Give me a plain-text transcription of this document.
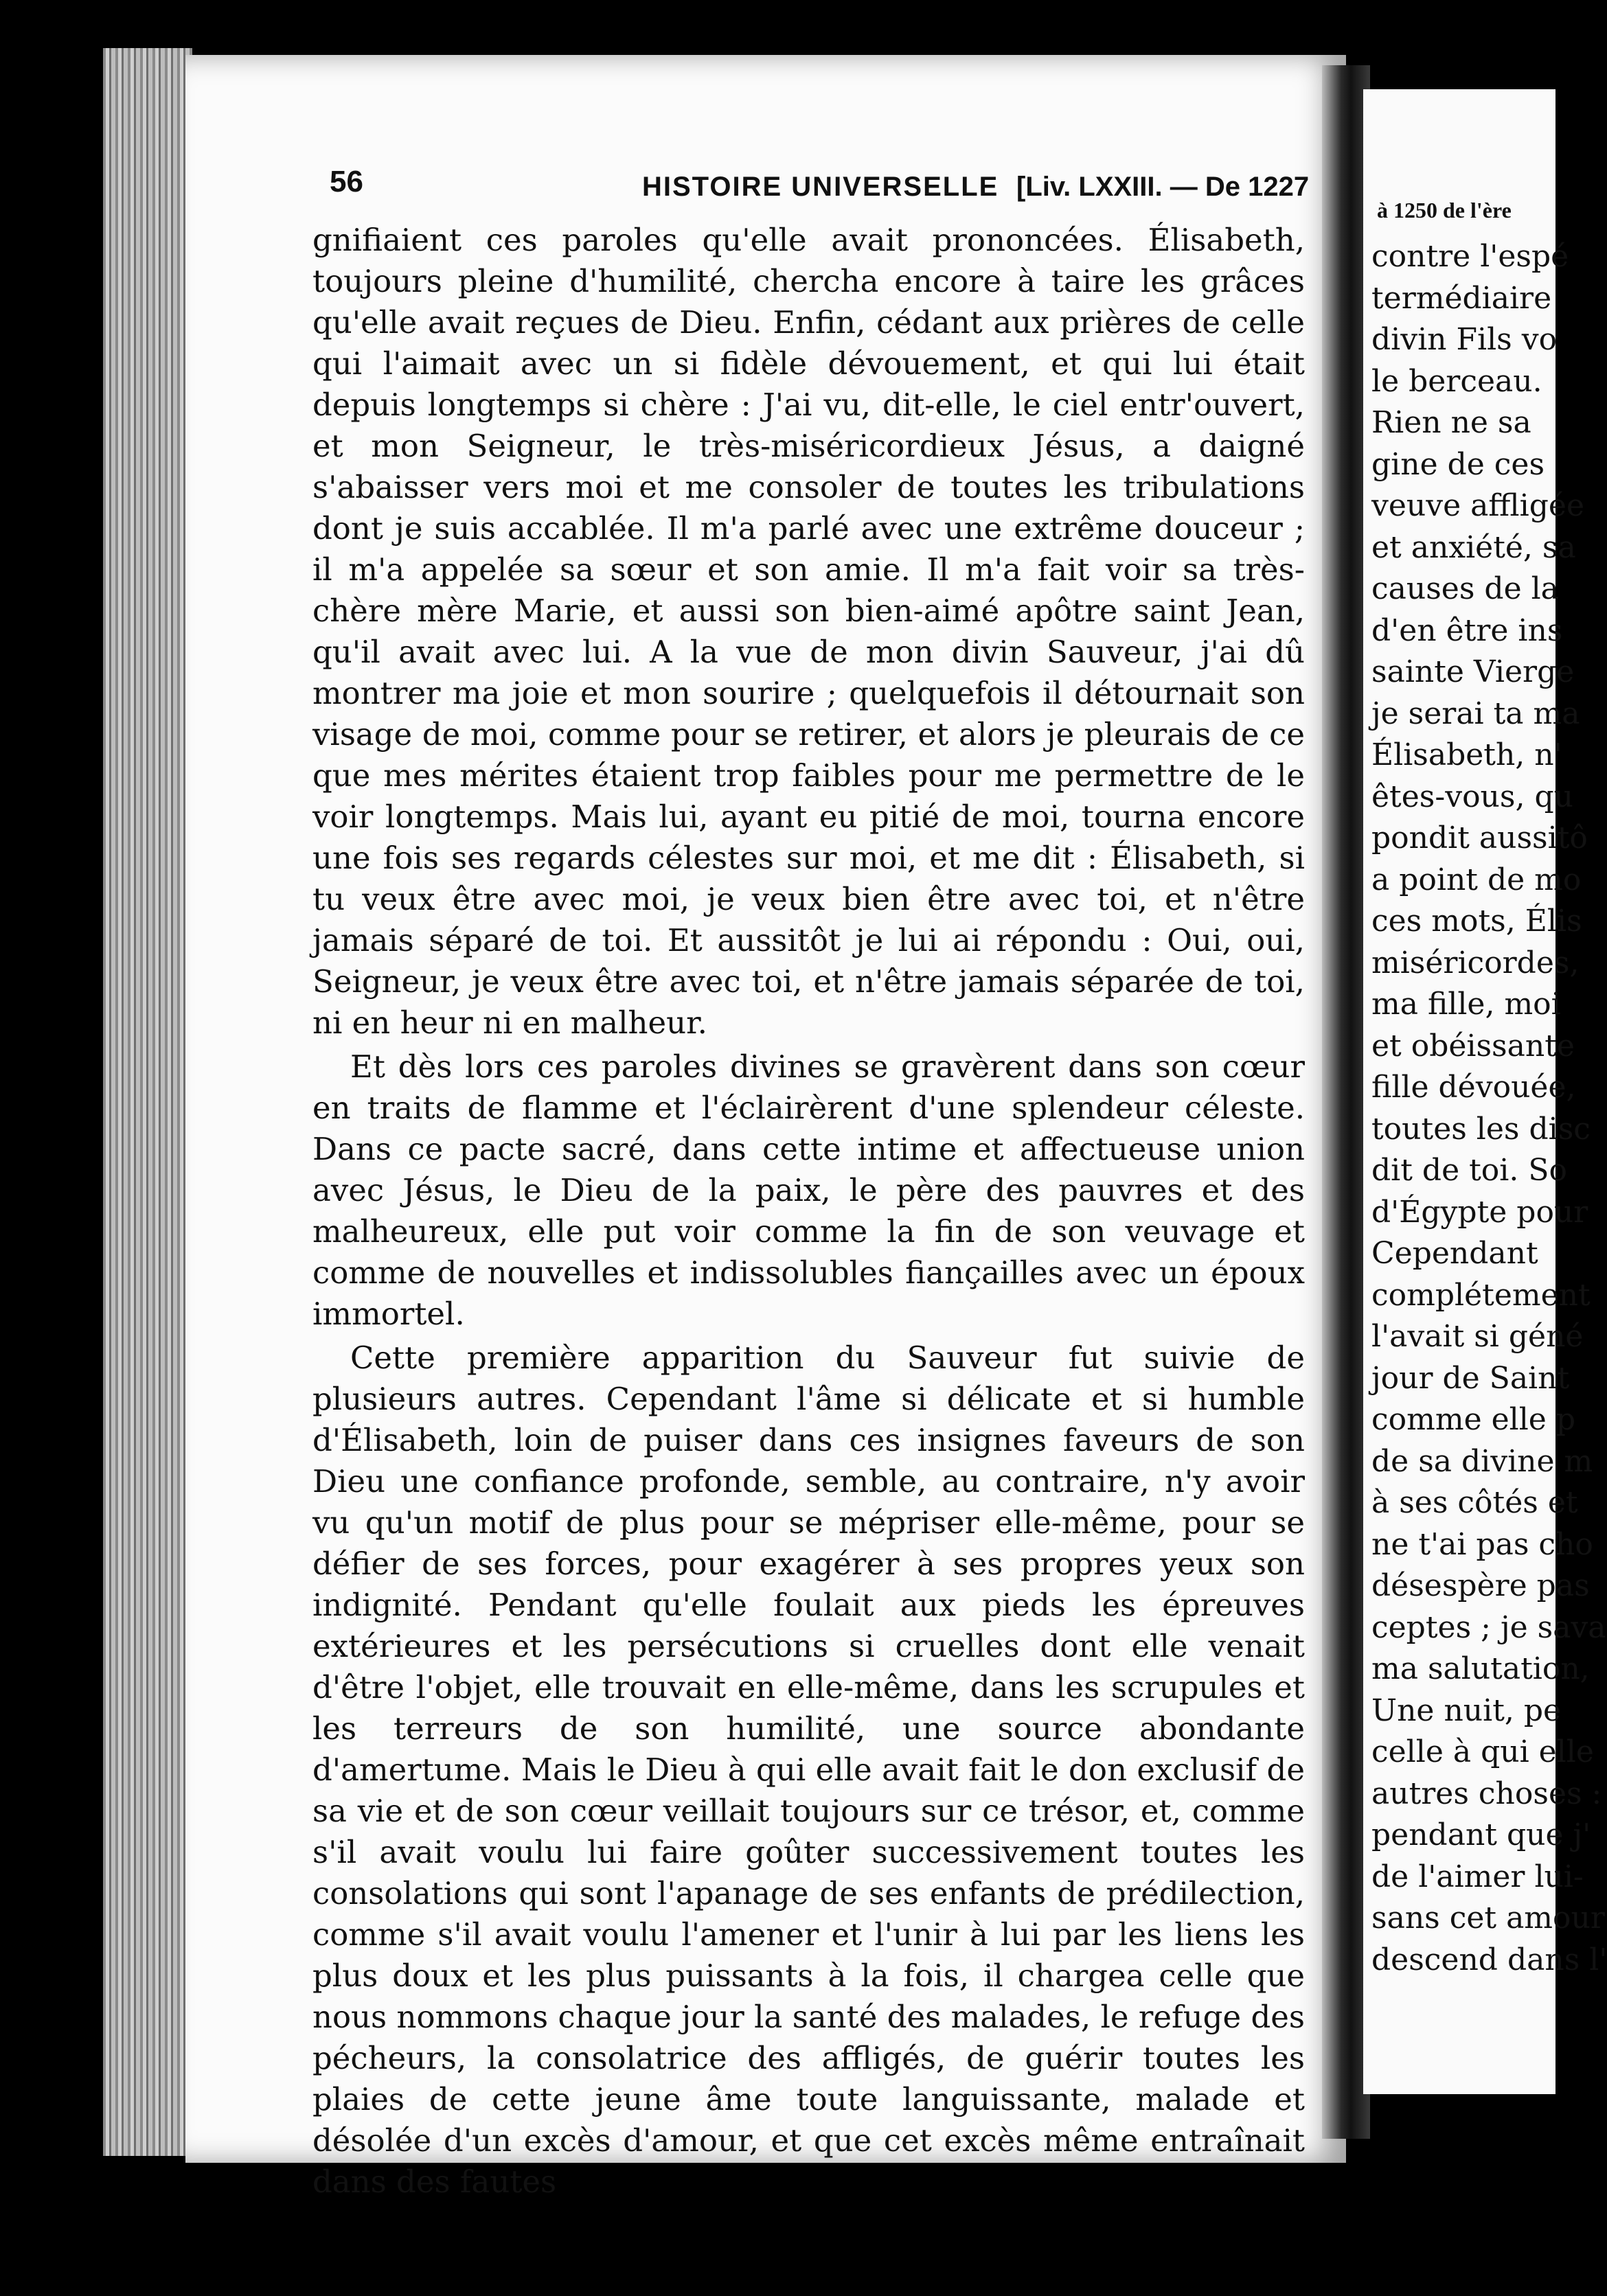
à 1250 de l'ère
contre l'espé
termédiaire
divin Fils vo
le berceau.
Rien ne sa
gine de ces
veuve affligée
et anxiété, sa
causes de la
d'en être ins
sainte Vierge
je serai ta ma
Élisabeth, n'
êtes-vous, qu
pondit aussitô
a point de mo
ces mots, Élis
miséricordes,
ma fille, moi
et obéissante
fille dévouée,
toutes les disc
dit de toi. So
d'Égypte pour
Cependant
complétement
l'avait si géné
jour de Saint
comme elle p
de sa divine m
à ses côtés et
ne t'ai pas cho
désespère pas
ceptes ; je sava
ma salutation,
Une nuit, pe
celle à qui elle
autres choses :
pendant que j'
de l'aimer lui-
sans cet amour
descend dans l'
56	HISTOIRE UNIVERSELLE [Liv. LXXIII. — De 1227

gnifiaient ces paroles qu'elle avait prononcées. Élisabeth, toujours pleine d'humilité, chercha encore à taire les grâces qu'elle avait reçues de Dieu. Enfin, cédant aux prières de celle qui l'aimait avec un si fidèle dévouement, et qui lui était depuis longtemps si chère : J'ai vu, dit-elle, le ciel entr'ouvert, et mon Seigneur, le très-miséricordieux Jésus, a daigné s'abaisser vers moi et me consoler de toutes les tribulations dont je suis accablée. Il m'a parlé avec une extrême douceur ; il m'a appelée sa sœur et son amie. Il m'a fait voir sa très-chère mère Marie, et aussi son bien-aimé apôtre saint Jean, qu'il avait avec lui. A la vue de mon divin Sauveur, j'ai dû montrer ma joie et mon sourire ; quelquefois il détournait son visage de moi, comme pour se retirer, et alors je pleurais de ce que mes mérites étaient trop faibles pour me permettre de le voir longtemps. Mais lui, ayant eu pitié de moi, tourna encore une fois ses regards célestes sur moi, et me dit : Élisabeth, si tu veux être avec moi, je veux bien être avec toi, et n'être jamais séparé de toi. Et aussitôt je lui ai répondu : Oui, oui, Seigneur, je veux être avec toi, et n'être jamais séparée de toi, ni en heur ni en malheur.

Et dès lors ces paroles divines se gravèrent dans son cœur en traits de flamme et l'éclairèrent d'une splendeur céleste. Dans ce pacte sacré, dans cette intime et affectueuse union avec Jésus, le Dieu de la paix, le père des pauvres et des malheureux, elle put voir comme la fin de son veuvage et comme de nouvelles et indissolubles fiançailles avec un époux immortel.

Cette première apparition du Sauveur fut suivie de plusieurs autres. Cependant l'âme si délicate et si humble d'Élisabeth, loin de puiser dans ces insignes faveurs de son Dieu une confiance profonde, semble, au contraire, n'y avoir vu qu'un motif de plus pour se mépriser elle-même, pour se défier de ses forces, pour exagérer à ses propres yeux son indignité. Pendant qu'elle foulait aux pieds les épreuves extérieures et les persécutions si cruelles dont elle venait d'être l'objet, elle trouvait en elle-même, dans les scrupules et les terreurs de son humilité, une source abondante d'amertume. Mais le Dieu à qui elle avait fait le don exclusif de sa vie et de son cœur veillait toujours sur ce trésor, et, comme s'il avait voulu lui faire goûter successivement toutes les consolations qui sont l'apanage de ses enfants de prédilection, comme s'il avait voulu l'amener et l'unir à lui par les liens les plus doux et les plus puissants à la fois, il chargea celle que nous nommons chaque jour la santé des malades, le refuge des pécheurs, la consolatrice des affligés, de guérir toutes les plaies de cette jeune âme toute languissante, malade et désolée d'un excès d'amour, et que cet excès même entraînait dans des fautes
